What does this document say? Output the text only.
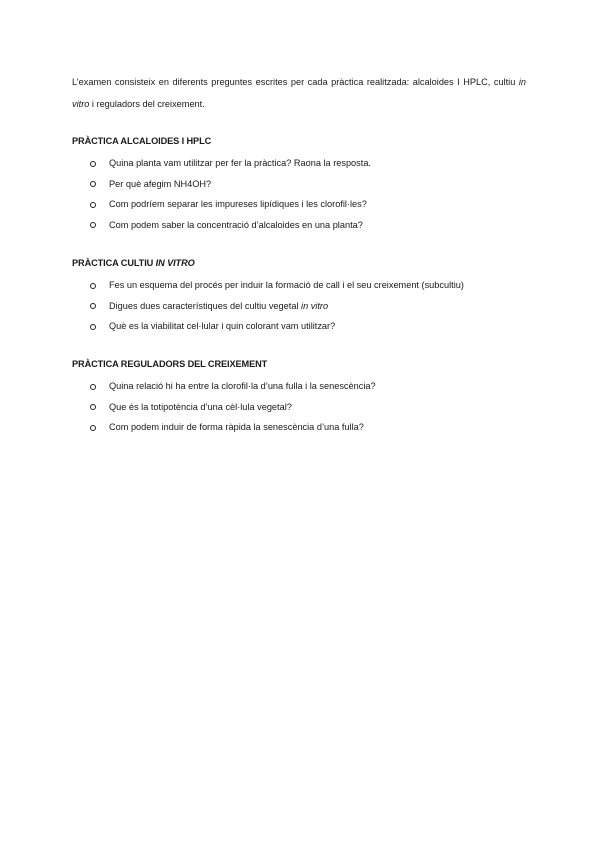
L’examen consisteix en diferents preguntes escrites per cada pràctica realitzada: alcaloides I HPLC, cultiu in vitro i reguladors del creixement.

PRÀCTICA ALCALOIDES I HPLC
Quina planta vam utilitzar per fer la pràctica? Raona la resposta.
Per què afegim NH4OH?
Com podríem separar les impureses lipídiques i les clorofil·les?
Com podem saber la concentració d’alcaloides en una planta?
PRÀCTICA CULTIU IN VITRO
Fes un esquema del procés per induir la formació de call i el seu creixement (subcultiu)
Digues dues característiques del cultiu vegetal in vitro
Què es la viabilitat cel·lular i quin colorant vam utilitzar?
PRÀCTICA REGULADORS DEL CREIXEMENT
Quina relació hi ha entre la clorofil·la d’una fulla i la senescència?
Que és la totipotència d’una cèl·lula vegetal?
Com podem induir de forma ràpida la senescència d’una fulla?
